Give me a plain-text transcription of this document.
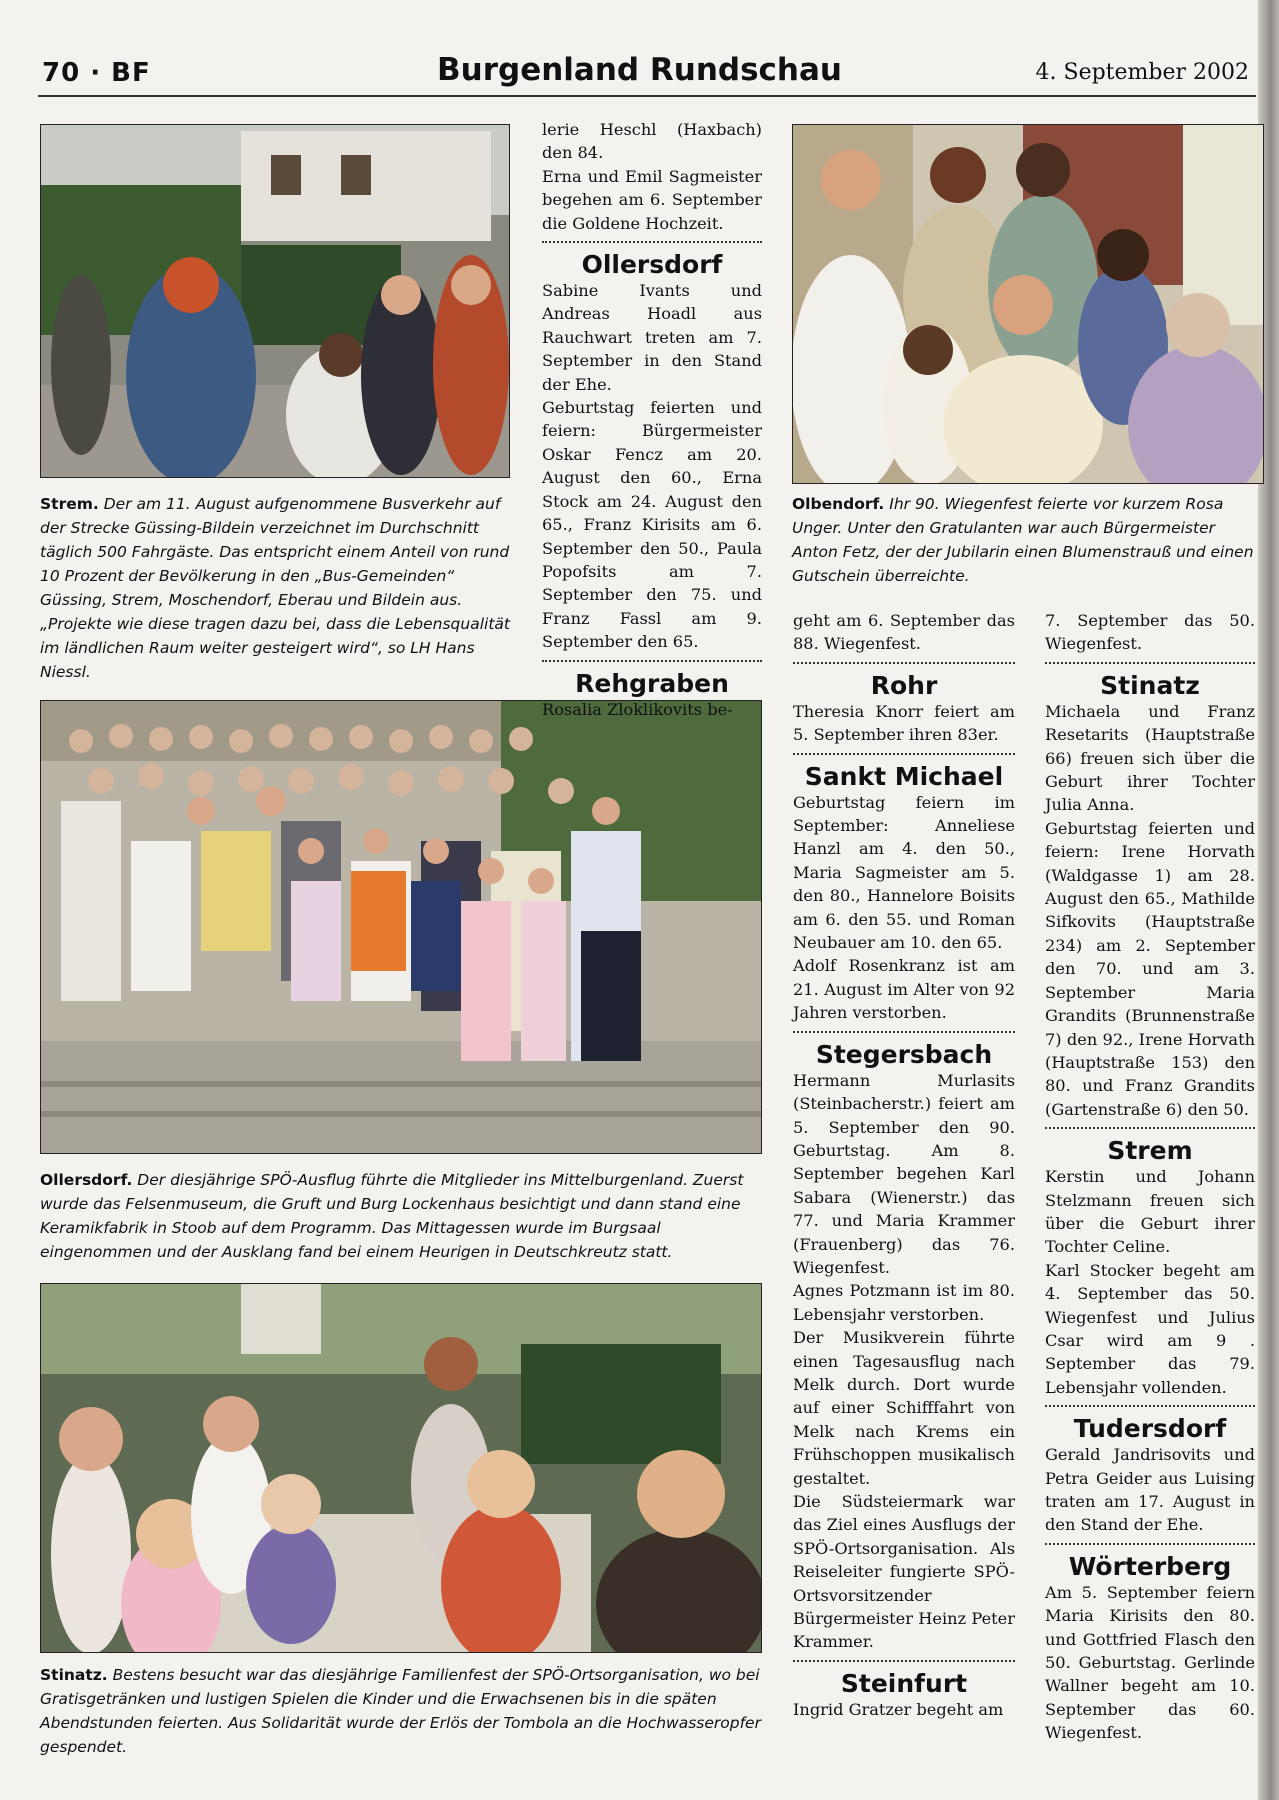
70 · BF	Burgenland Rundschau	4. September 2002
Strem. Der am 11. August aufgenommene Busverkehr auf der Strecke Güssing-Bildein verzeichnet im Durchschnitt täglich 500 Fahrgäste. Das entspricht einem Anteil von rund 10 Prozent der Bevölkerung in den „Bus-Gemeinden“ Güssing, Strem, Moschendorf, Eberau und Bildein aus. „Projekte wie diese tragen dazu bei, dass die Lebensqualität im ländlichen Raum weiter gesteigert wird“, so LH Hans Niessl.
Olbendorf. Ihr 90. Wiegenfest feierte vor kurzem Rosa Unger. Unter den Gratulanten war auch Bürgermeister Anton Fetz, der der Jubilarin einen Blumenstrauß und einen Gutschein überreichte.
Ollersdorf. Der diesjährige SPÖ-Ausflug führte die Mitglieder ins Mittelburgenland. Zuerst wurde das Felsenmuseum, die Gruft und Burg Lockenhaus besichtigt und dann stand eine Keramikfabrik in Stoob auf dem Programm. Das Mittagessen wurde im Burgsaal eingenommen und der Ausklang fand bei einem Heurigen in Deutschkreutz statt.
Stinatz. Bestens besucht war das diesjährige Familienfest der SPÖ-Ortsorganisation, wo bei Gratisgetränken und lustigen Spielen die Kinder und die Erwachsenen bis in die späten Abendstunden feierten. Aus Solidarität wurde der Erlös der Tombola an die Hochwasseropfer gespendet.

lerie Heschl (Haxbach) den 84.

Erna und Emil Sagmeister begehen am 6. September die Goldene Hochzeit.

Ollersdorf

Sabine Ivants und Andreas Hoadl aus Rauchwart treten am 7. September in den Stand der Ehe.

Geburtstag feierten und feiern: Bürgermeister Oskar Fencz am 20. August den 60., Erna Stock am 24. August den 65., Franz Kirisits am 6. September den 50., Paula Popofsits am 7. September den 75. und Franz Fassl am 9. September den 65.

Rehgraben

Rosalia Zloklikovits be-

geht am 6. September das 88. Wiegenfest.

Rohr

Theresia Knorr feiert am 5. September ihren 83er.

Sankt Michael

Geburtstag feiern im September: Anneliese Hanzl am 4. den 50., Maria Sagmeister am 5. den 80., Hannelore Boisits am 6. den 55. und Roman Neubauer am 10. den 65.

Adolf Rosenkranz ist am 21. August im Alter von 92 Jahren verstorben.

Stegersbach

Hermann Murlasits (Steinbacherstr.) feiert am 5. September den 90. Geburtstag. Am 8. September begehen Karl Sabara (Wienerstr.) das 77. und Maria Krammer (Frauenberg) das 76. Wiegenfest.

Agnes Potzmann ist im 80. Lebensjahr verstorben.

Der Musikverein führte einen Tagesausflug nach Melk durch. Dort wurde auf einer Schifffahrt von Melk nach Krems ein Frühschoppen musikalisch gestaltet.

Die Südsteiermark war das Ziel eines Ausflugs der SPÖ-Ortsorganisation. Als Reiseleiter fungierte SPÖ-Ortsvorsitzender Bürgermeister Heinz Peter Krammer.

Steinfurt

Ingrid Gratzer begeht am

7. September das 50. Wiegenfest.

Stinatz

Michaela und Franz Resetarits (Hauptstraße 66) freuen sich über die Geburt ihrer Tochter Julia Anna.

Geburtstag feierten und feiern: Irene Horvath (Waldgasse 1) am 28. August den 65., Mathilde Sifkovits (Hauptstraße 234) am 2. September den 70. und am 3. September Maria Grandits (Brunnenstraße 7) den 92., Irene Horvath (Hauptstraße 153) den 80. und Franz Grandits (Gartenstraße 6) den 50.

Strem

Kerstin und Johann Stelzmann freuen sich über die Geburt ihrer Tochter Celine.

Karl Stocker begeht am 4. September das 50. Wiegenfest und Julius Csar wird am 9 . September das 79. Lebensjahr vollenden.

Tudersdorf

Gerald Jandrisovits und Petra Geider aus Luising traten am 17. August in den Stand der Ehe.

Wörterberg

Am 5. September feiern Maria Kirisits den 80. und Gottfried Flasch den 50. Geburtstag. Gerlinde Wallner begeht am 10. September das 60. Wiegenfest.
